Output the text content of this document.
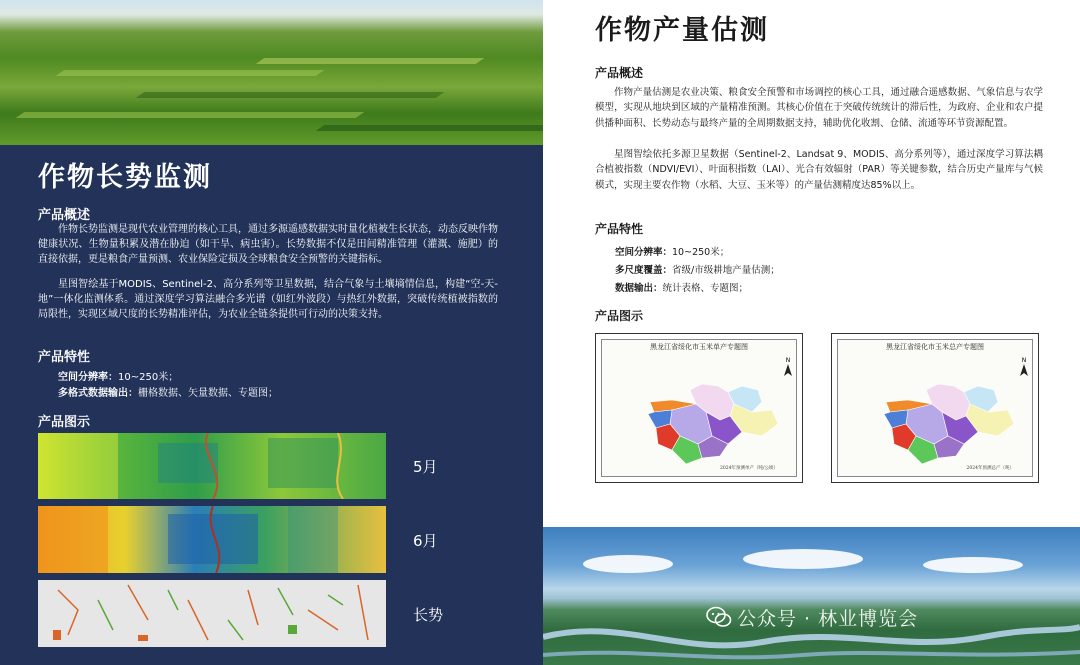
作物长势监测
产品概述

作物长势监测是现代农业管理的核心工具，通过多源遥感数据实时量化植被生长状态，动态反映作物健康状况、生物量积累及潜在胁迫（如干旱、病虫害）。长势数据不仅是田间精准管理（灌溉、施肥）的直接依据，更是粮食产量预测、农业保险定损及全球粮食安全预警的关键指标。

星图智绘基于MODIS、Sentinel-2、高分系列等卫星数据，结合气象与土壤墒情信息，构建“空-天-地”一体化监测体系。通过深度学习算法融合多光谱（如红外波段）与热红外数据，突破传统植被指数的局限性，实现区域尺度的长势精准评估，为农业全链条提供可行动的决策支持。

产品特性

空间分辨率：10~250米；

多格式数据输出：栅格数据、矢量数据、专题图；

产品图示
5月
6月
长势
作物产量估测
产品概述

作物产量估测是农业决策、粮食安全预警和市场调控的核心工具，通过融合遥感数据、气象信息与农学模型，实现从地块到区域的产量精准预测。其核心价值在于突破传统统计的滞后性，为政府、企业和农户提供播种面积、长势动态与最终产量的全周期数据支持，辅助优化收割、仓储、流通等环节资源配置。

星图智绘依托多源卫星数据（Sentinel-2、Landsat 9、MODIS、高分系列等），通过深度学习算法耦合植被指数（NDVI/EVI）、叶面积指数（LAI）、光合有效辐射（PAR）等关键参数，结合历史产量库与气候模式，实现主要农作物（水稻、大豆、玉米等）的产量估测精度达85%以上。

产品特性

空间分辨率：10~250米；

多尺度覆盖：省级/市级耕地产量估测；

数据输出：统计表格、专题图；

产品图示
黑龙江省绥化市玉米单产专题图
N
2024年预测单产（吨/公顷）
黑龙江省绥化市玉米总产专题图
N
2024年预测总产（吨）
公众号 · 林业博览会
